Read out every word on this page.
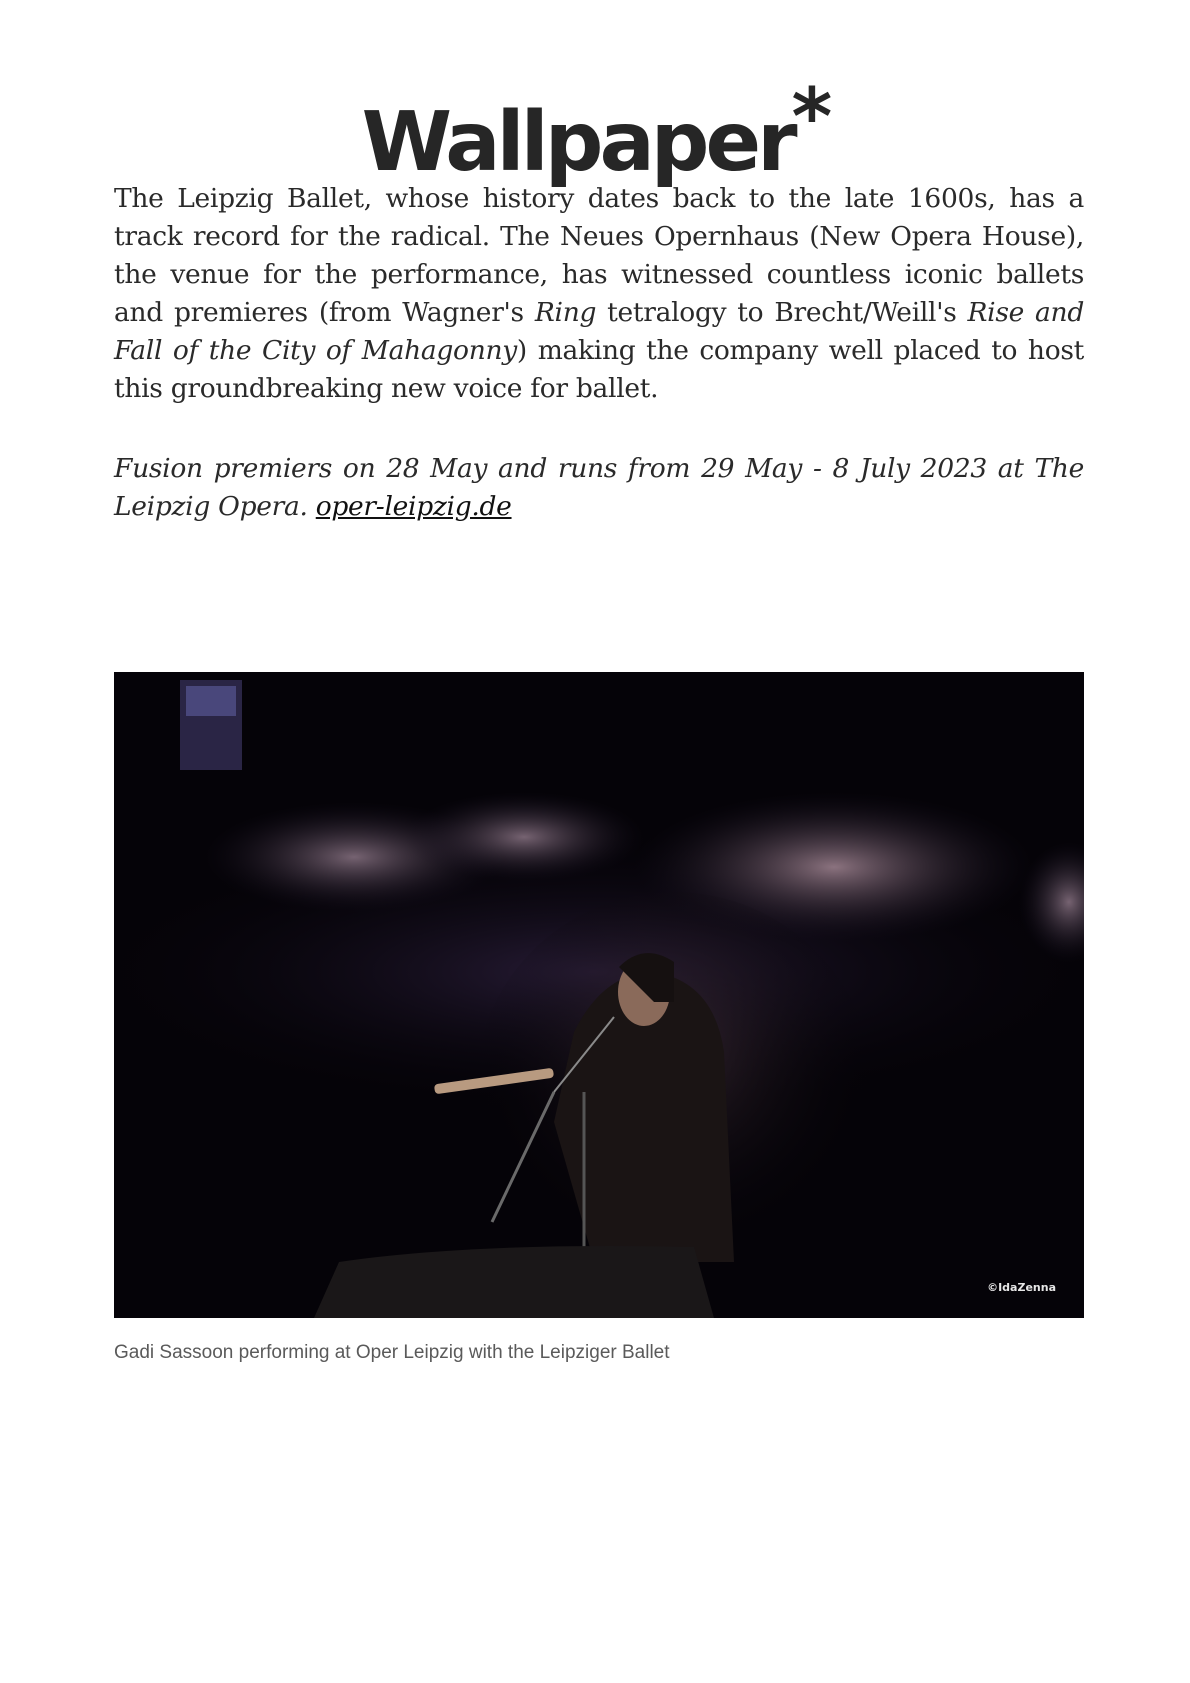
Wallpaper*

The Leipzig Ballet, whose history dates back to the late 1600s, has a track record for the radical. The Neues Opernhaus (New Opera House), the venue for the performance, has witnessed countless iconic ballets and premieres (from Wagner's Ring tetralogy to Brecht/Weill's Rise and Fall of the City of Mahagonny) making the company well placed to host this groundbreaking new voice for ballet.

Fusion premiers on 28 May and runs from 29 May - 8 July 2023 at The Leipzig Opera. oper-leipzig.de

©IdaZenna

Gadi Sassoon performing at Oper Leipzig with the Leipziger Ballet
